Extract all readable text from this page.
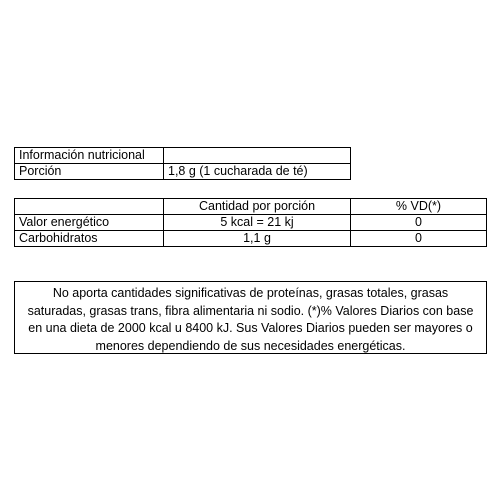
Información nutricional	
Porción	1,8 g (1 cucharada de té)
	Cantidad por porción	% VD(*)
Valor energético	5 kcal = 21 kj	0
Carbohidratos	1,1 g	0
No aporta cantidades significativas de proteínas, grasas totales, grasas saturadas, grasas trans, fibra alimentaria ni sodio. (*)% Valores Diarios con base en una dieta de 2000 kcal u 8400 kJ. Sus Valores Diarios pueden ser mayores o menores dependiendo de sus necesidades energéticas.
